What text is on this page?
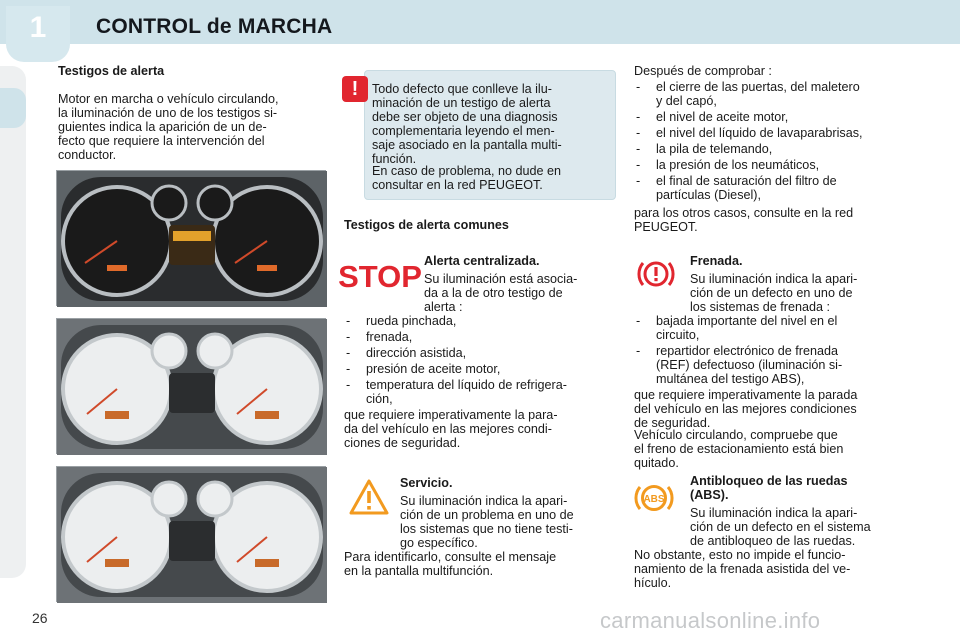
1	CONTROL de MARCHA
Testigos de alerta
Motor en marcha o vehículo circulando,
la iluminación de uno de los testigos si-
guientes indica la aparición de un de-
fecto que requiere la intervención del
conductor.
!	Todo defecto que conlleve la ilu-
minación de un testigo de alerta
debe ser objeto de una diagnosis
complementaria leyendo el men-
saje asociado en la pantalla multi-
función.
En caso de problema, no dude en
consultar en la red PEUGEOT.
Testigos de alerta comunes
STOP Alerta centralizada.
Su iluminación está asocia-
da a la de otro testigo de
alerta :
- rueda pinchada,
- frenada,
- dirección asistida,
- presión de aceite motor,
- temperatura del líquido de refrigera-
ción,
que requiere imperativamente la para-
da del vehículo en las mejores condi-
ciones de seguridad.
Servicio.
Su iluminación indica la apari-
ción de un problema en uno de
los sistemas que no tiene testi-
go específico.
Para identificarlo, consulte el mensaje
en la pantalla multifunción.
Después de comprobar :
- el cierre de las puertas, del maletero
y del capó,
- el nivel de aceite motor,
- el nivel del líquido de lavaparabrisas,
- la pila de telemando,
- la presión de los neumáticos,
- el final de saturación del filtro de
partículas (Diesel),
para los otros casos, consulte en la red
PEUGEOT.
Frenada.
Su iluminación indica la apari-
ción de un defecto en uno de
los sistemas de frenada :
- bajada importante del nivel en el
circuito,
- repartidor electrónico de frenada
(REF) defectuoso (iluminación si-
multánea del testigo ABS),
que requiere imperativamente la parada
del vehículo en las mejores condiciones
de seguridad.
Vehículo circulando, compruebe que
el freno de estacionamiento está bien
quitado.
ABS
Antibloqueo de las ruedas
(ABS).
Su iluminación indica la apari-
ción de un defecto en el sistema
de antibloqueo de las ruedas.
No obstante, esto no impide el funcio-
namiento de la frenada asistida del ve-
hículo.
26	carmanualsonline.info
